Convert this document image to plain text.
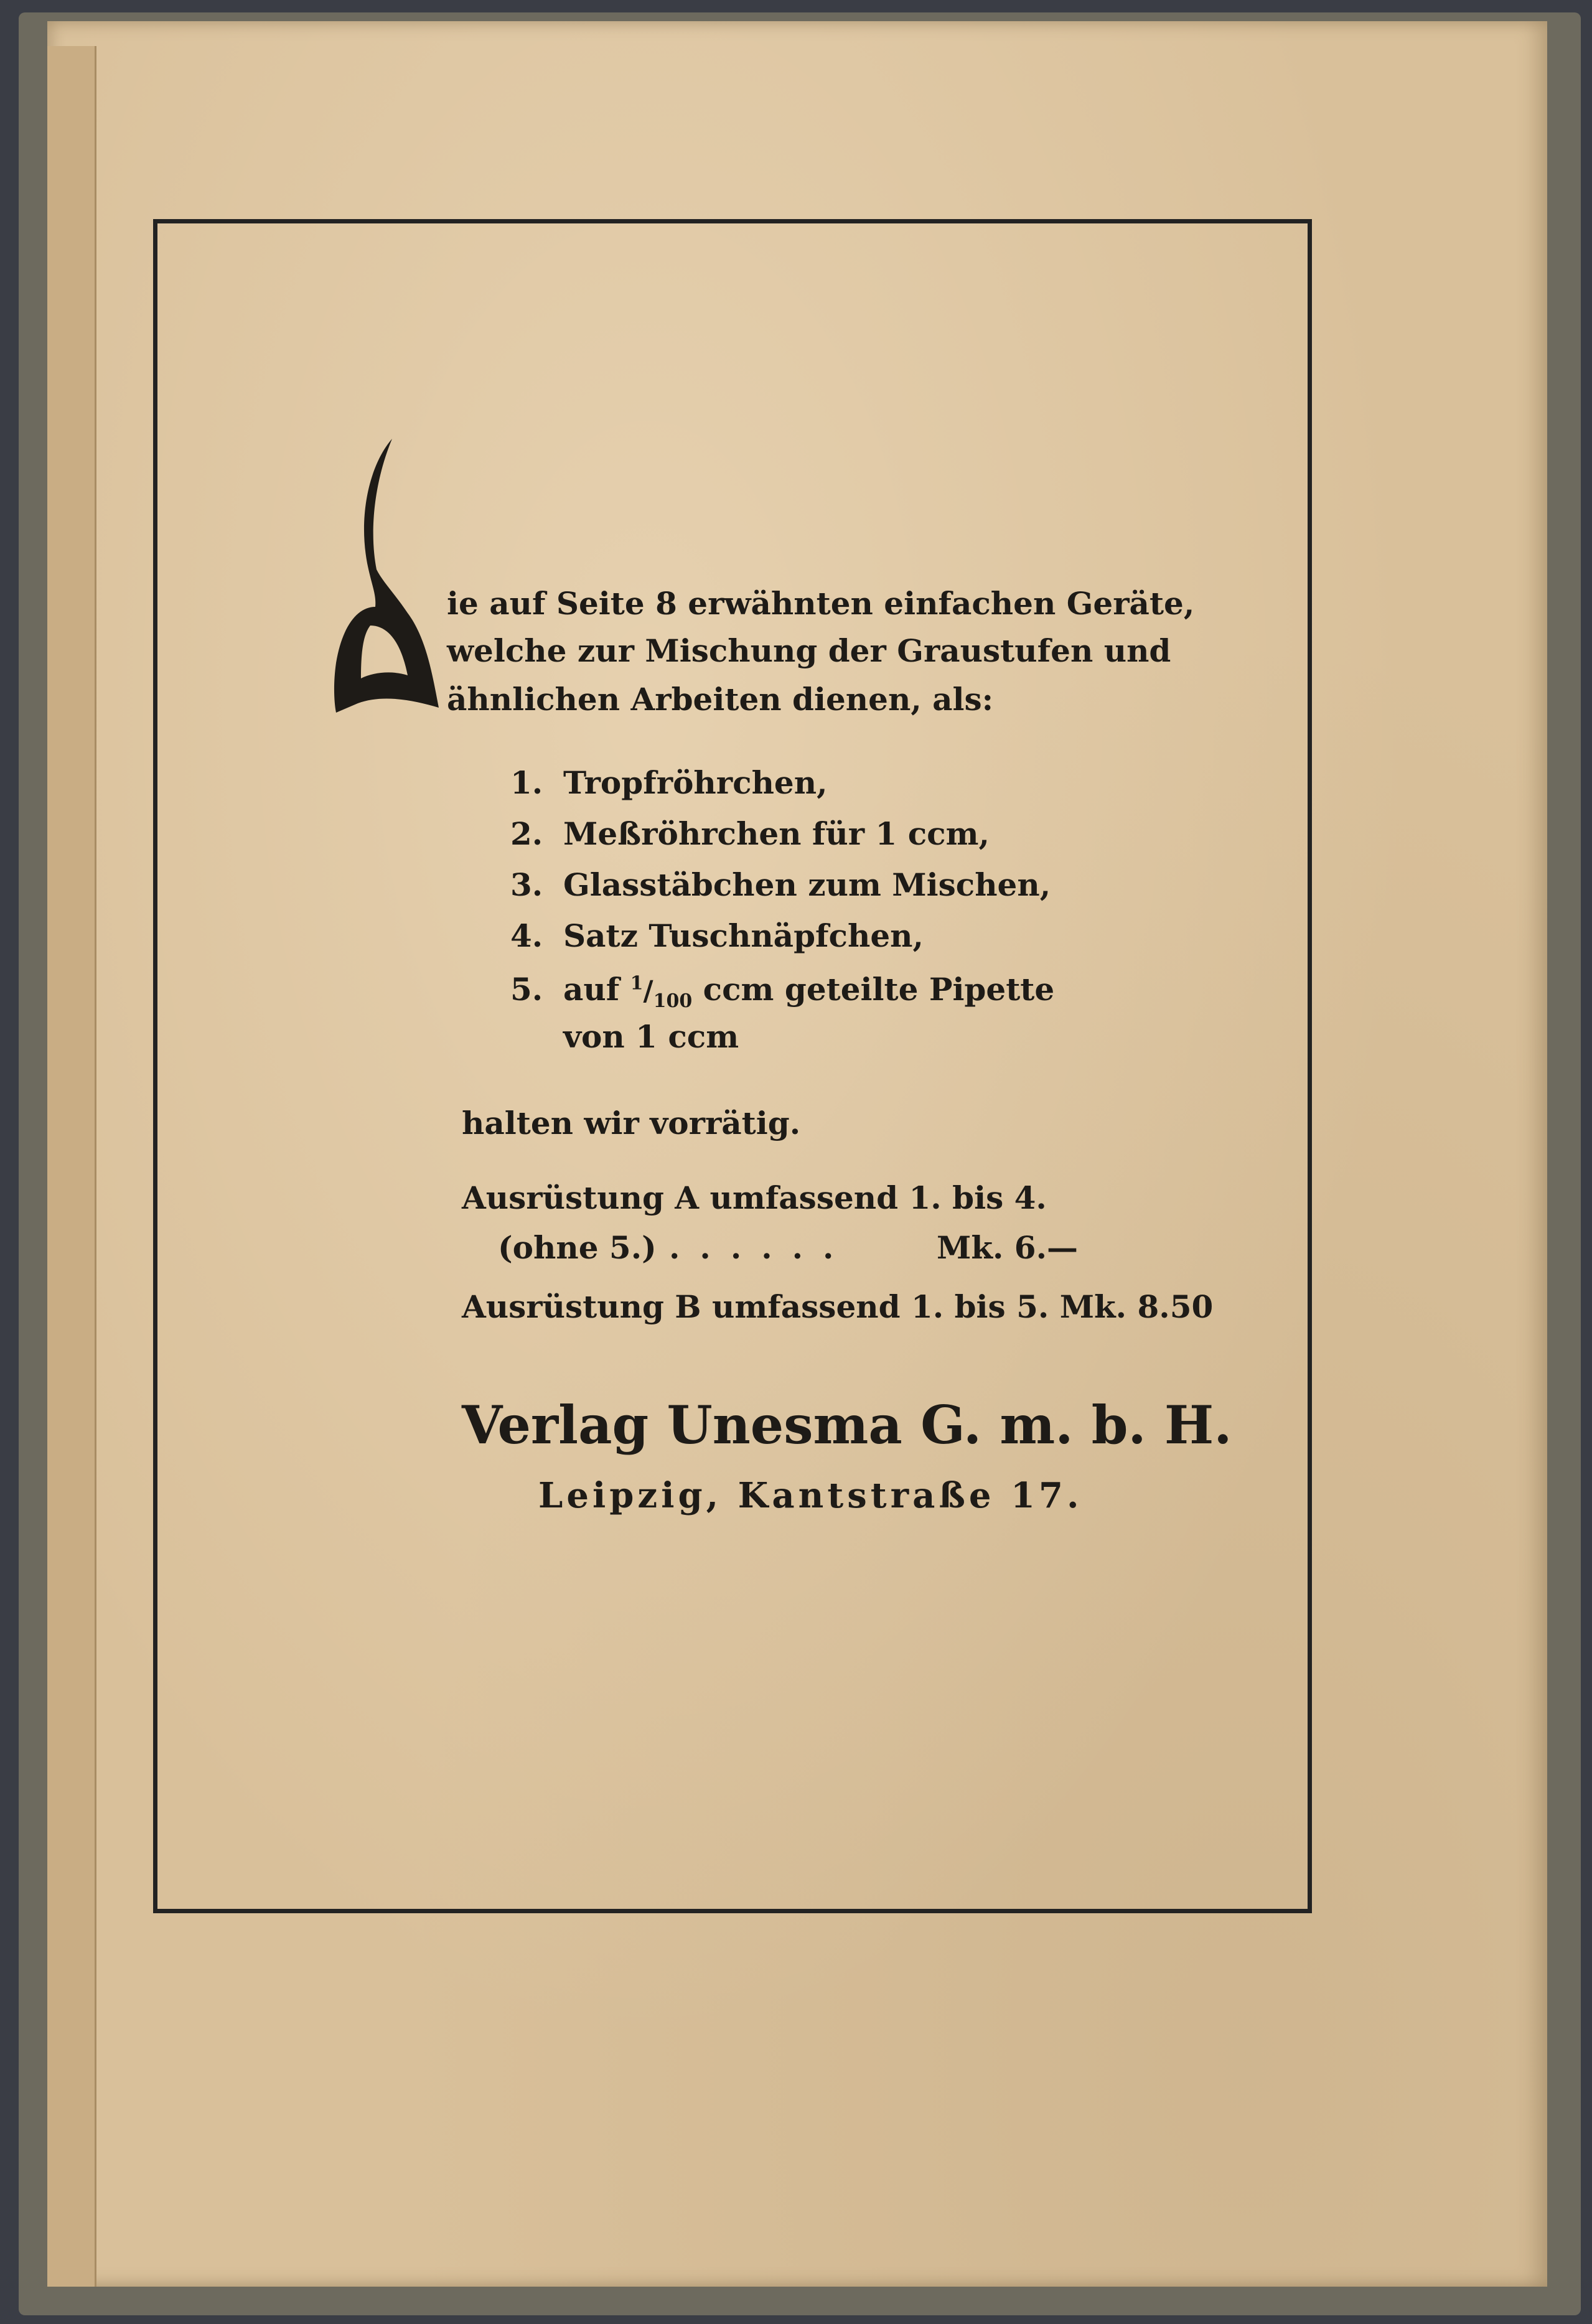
ie auf Seite 8 erwähnten einfachen Geräte,
welche zur Mischung der Graustufen und
ähnlichen Arbeiten dienen, als:
1. Tropfröhrchen,
2. Meßröhrchen für 1 ccm,
3. Glasstäbchen zum Mischen,
4. Satz Tuschnäpfchen,
5. auf $^1/_{100}$ ccm geteilte Pipette
von 1 ccm
halten wir vorrätig.
Ausrüstung A umfassend 1. bis 4.
(ohne 5.) ......	Mk. 6.—
Ausrüstung B umfassend 1. bis 5. Mk. 8.50
Verlag Unesma G. m. b. H.
Leipzig, Kantstraße 17.
